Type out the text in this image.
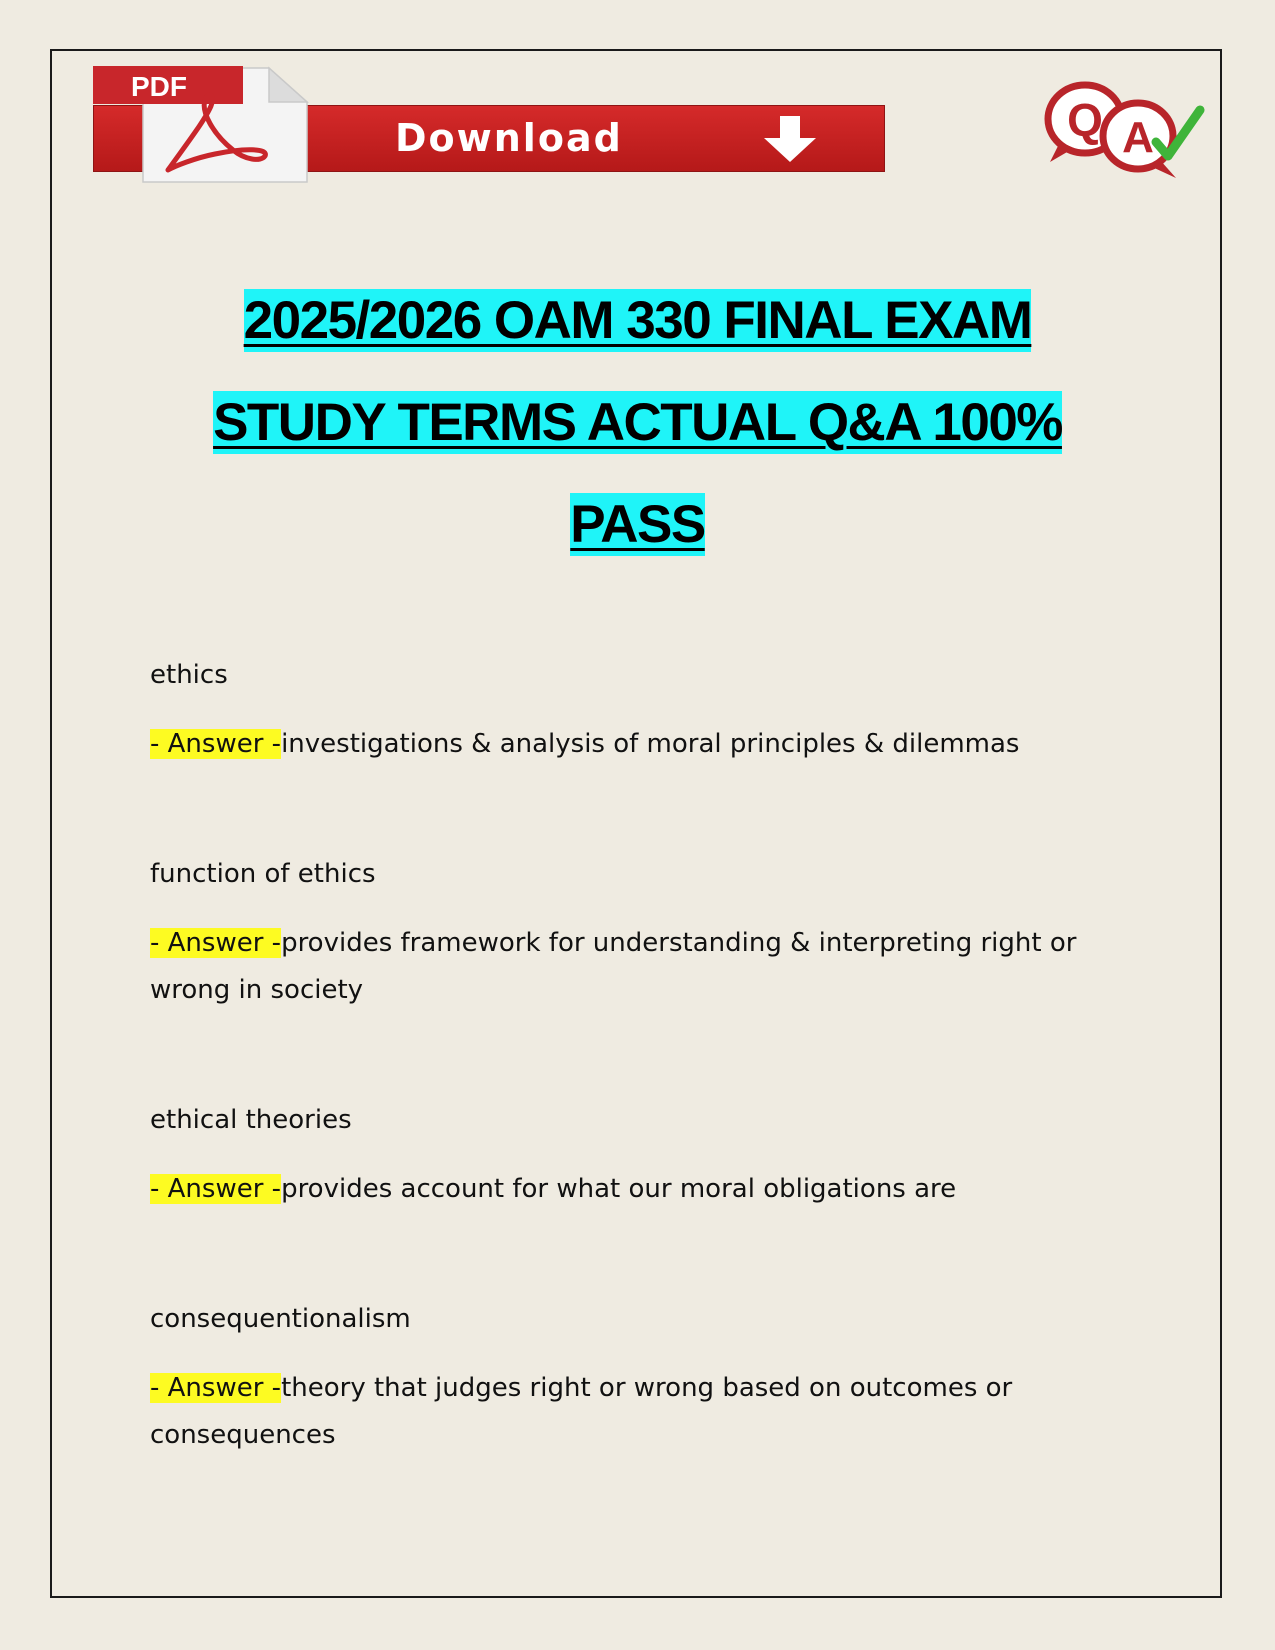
Download
PDF
Q A
2025/2026 OAM 330 FINAL EXAM
STUDY TERMS ACTUAL Q&A 100%
PASS
ethics
- Answer -investigations & analysis of moral principles & dilemmas
function of ethics
- Answer -provides framework for understanding & interpreting right or wrong in society
ethical theories
- Answer -provides account for what our moral obligations are
consequentionalism
- Answer -theory that judges right or wrong based on outcomes or consequences
